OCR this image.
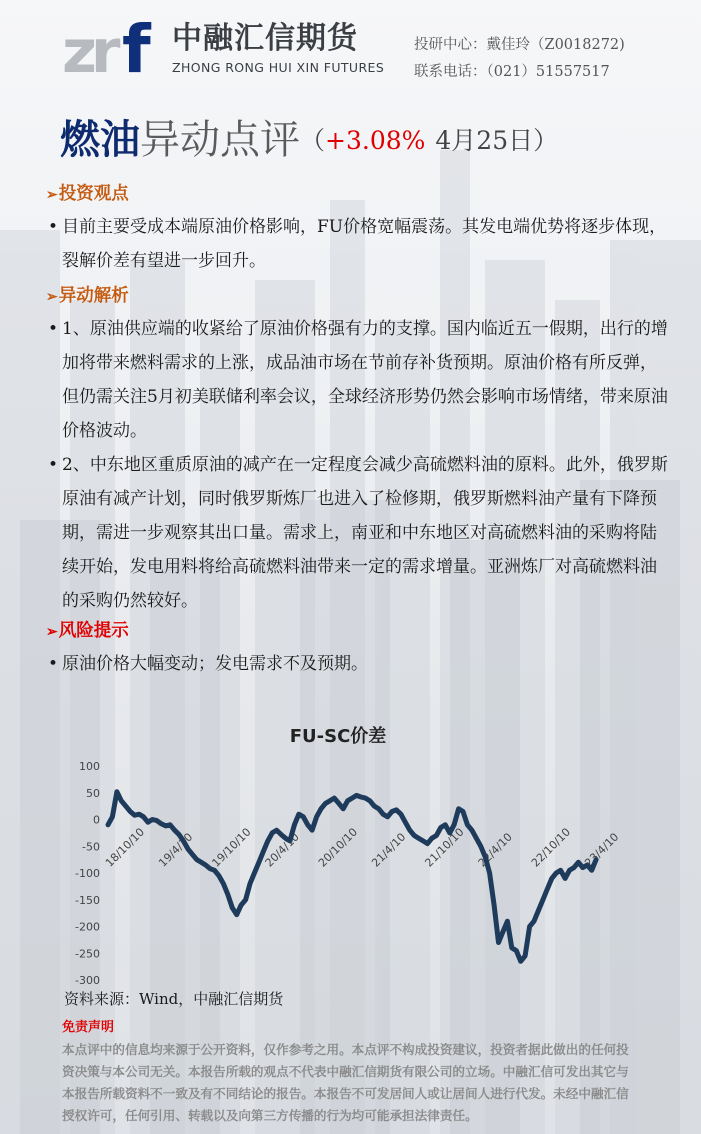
zr f 中融汇信期货
ZHONG RONG HUI XIN FUTURES
投研中心：戴佳玲（Z0018272)
联系电话：（021）51557517
燃油异动点评（+3.08% 4月25日）
➢投资观点
• 目前主要受成本端原油价格影响，FU价格宽幅震荡。其发电端优势将逐步体现，裂解价差有望进一步回升。
➢异动解析
• 1、原油供应端的收紧给了原油价格强有力的支撑。国内临近五一假期，出行的增加将带来燃料需求的上涨，成品油市场在节前存补货预期。原油价格有所反弹，但仍需关注5月初美联储利率会议，全球经济形势仍然会影响市场情绪，带来原油价格波动。
• 2、中东地区重质原油的减产在一定程度会减少高硫燃料油的原料。此外，俄罗斯原油有减产计划，同时俄罗斯炼厂也进入了检修期，俄罗斯燃料油产量有下降预期，需进一步观察其出口量。需求上，南亚和中东地区对高硫燃料油的采购将陆续开始，发电用料将给高硫燃料油带来一定的需求增量。亚洲炼厂对高硫燃料油的采购仍然较好。
➢风险提示
• 原油价格大幅变动；发电需求不及预期。
FU-SC价差
100
50
0
-50
-100
-150
-200
-250
-300
18/10/10 19/4/10 19/10/10 20/4/10 20/10/10 21/4/10 21/10/10 22/4/10 22/10/10 23/4/10
资料来源：Wind，中融汇信期货
免责声明
本点评中的信息均来源于公开资料，仅作参考之用。本点评不构成投资建议，投资者据此做出的任何投资决策与本公司无关。本报告所载的观点不代表中融汇信期货有限公司的立场。中融汇信可发出其它与本报告所载资料不一致及有不同结论的报告。本报告不可发居间人或让居间人进行代发。未经中融汇信授权许可，任何引用、转载以及向第三方传播的行为均可能承担法律责任。
